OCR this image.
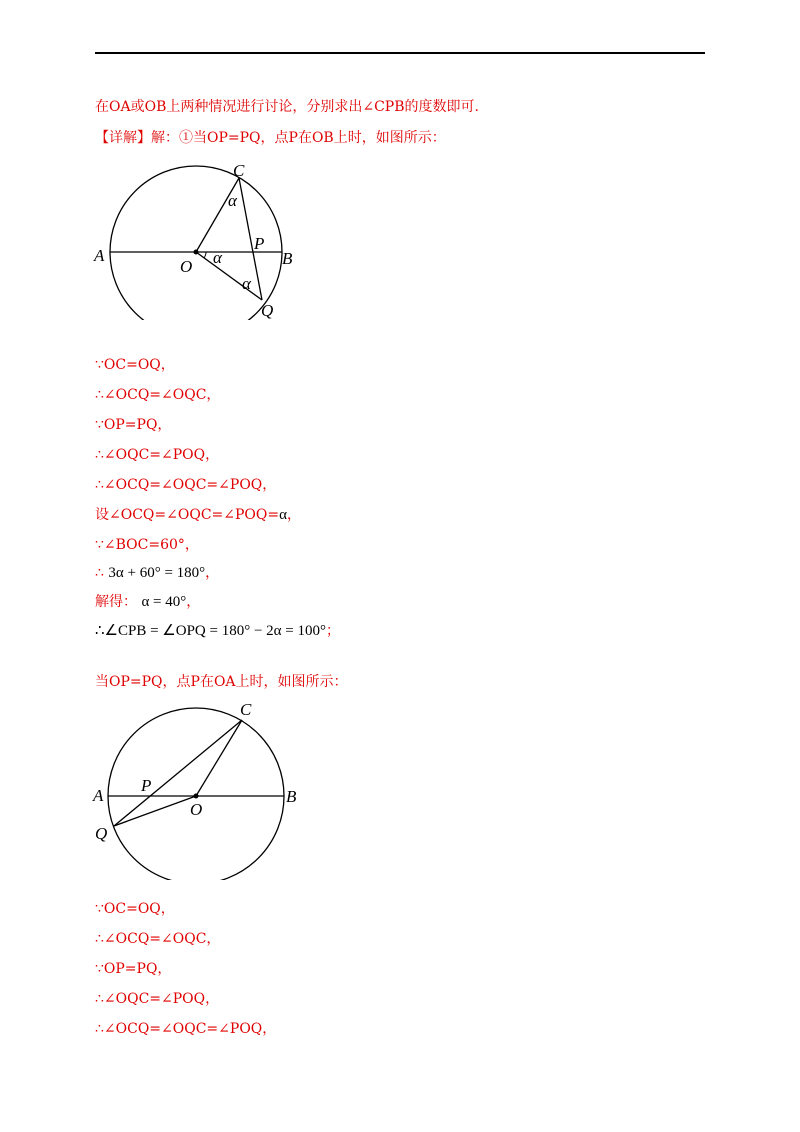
在OA或OB上两种情况进行讨论，分别求出∠CPB的度数即可.
【详解】解：①当OP=PQ，点P在OB上时，如图所示：
A	B
C
O
P
Q
α
α
α
∵OC=OQ，
∴∠OCQ=∠OQC，
∵OP=PQ，
∴∠OQC=∠POQ，
∴∠OCQ=∠OQC=∠POQ，
设∠OCQ=∠OQC=∠POQ=α，
∵∠BOC=60°，
∴ 3α + 60° = 180°，
解得： α = 40°，
∴∠CPB = ∠OPQ = 180° − 2α = 100°；
当OP=PQ，点P在OA上时，如图所示：
A	B
C
O
P
Q
∵OC=OQ，
∴∠OCQ=∠OQC，
∵OP=PQ，
∴∠OQC=∠POQ，
∴∠OCQ=∠OQC=∠POQ，
